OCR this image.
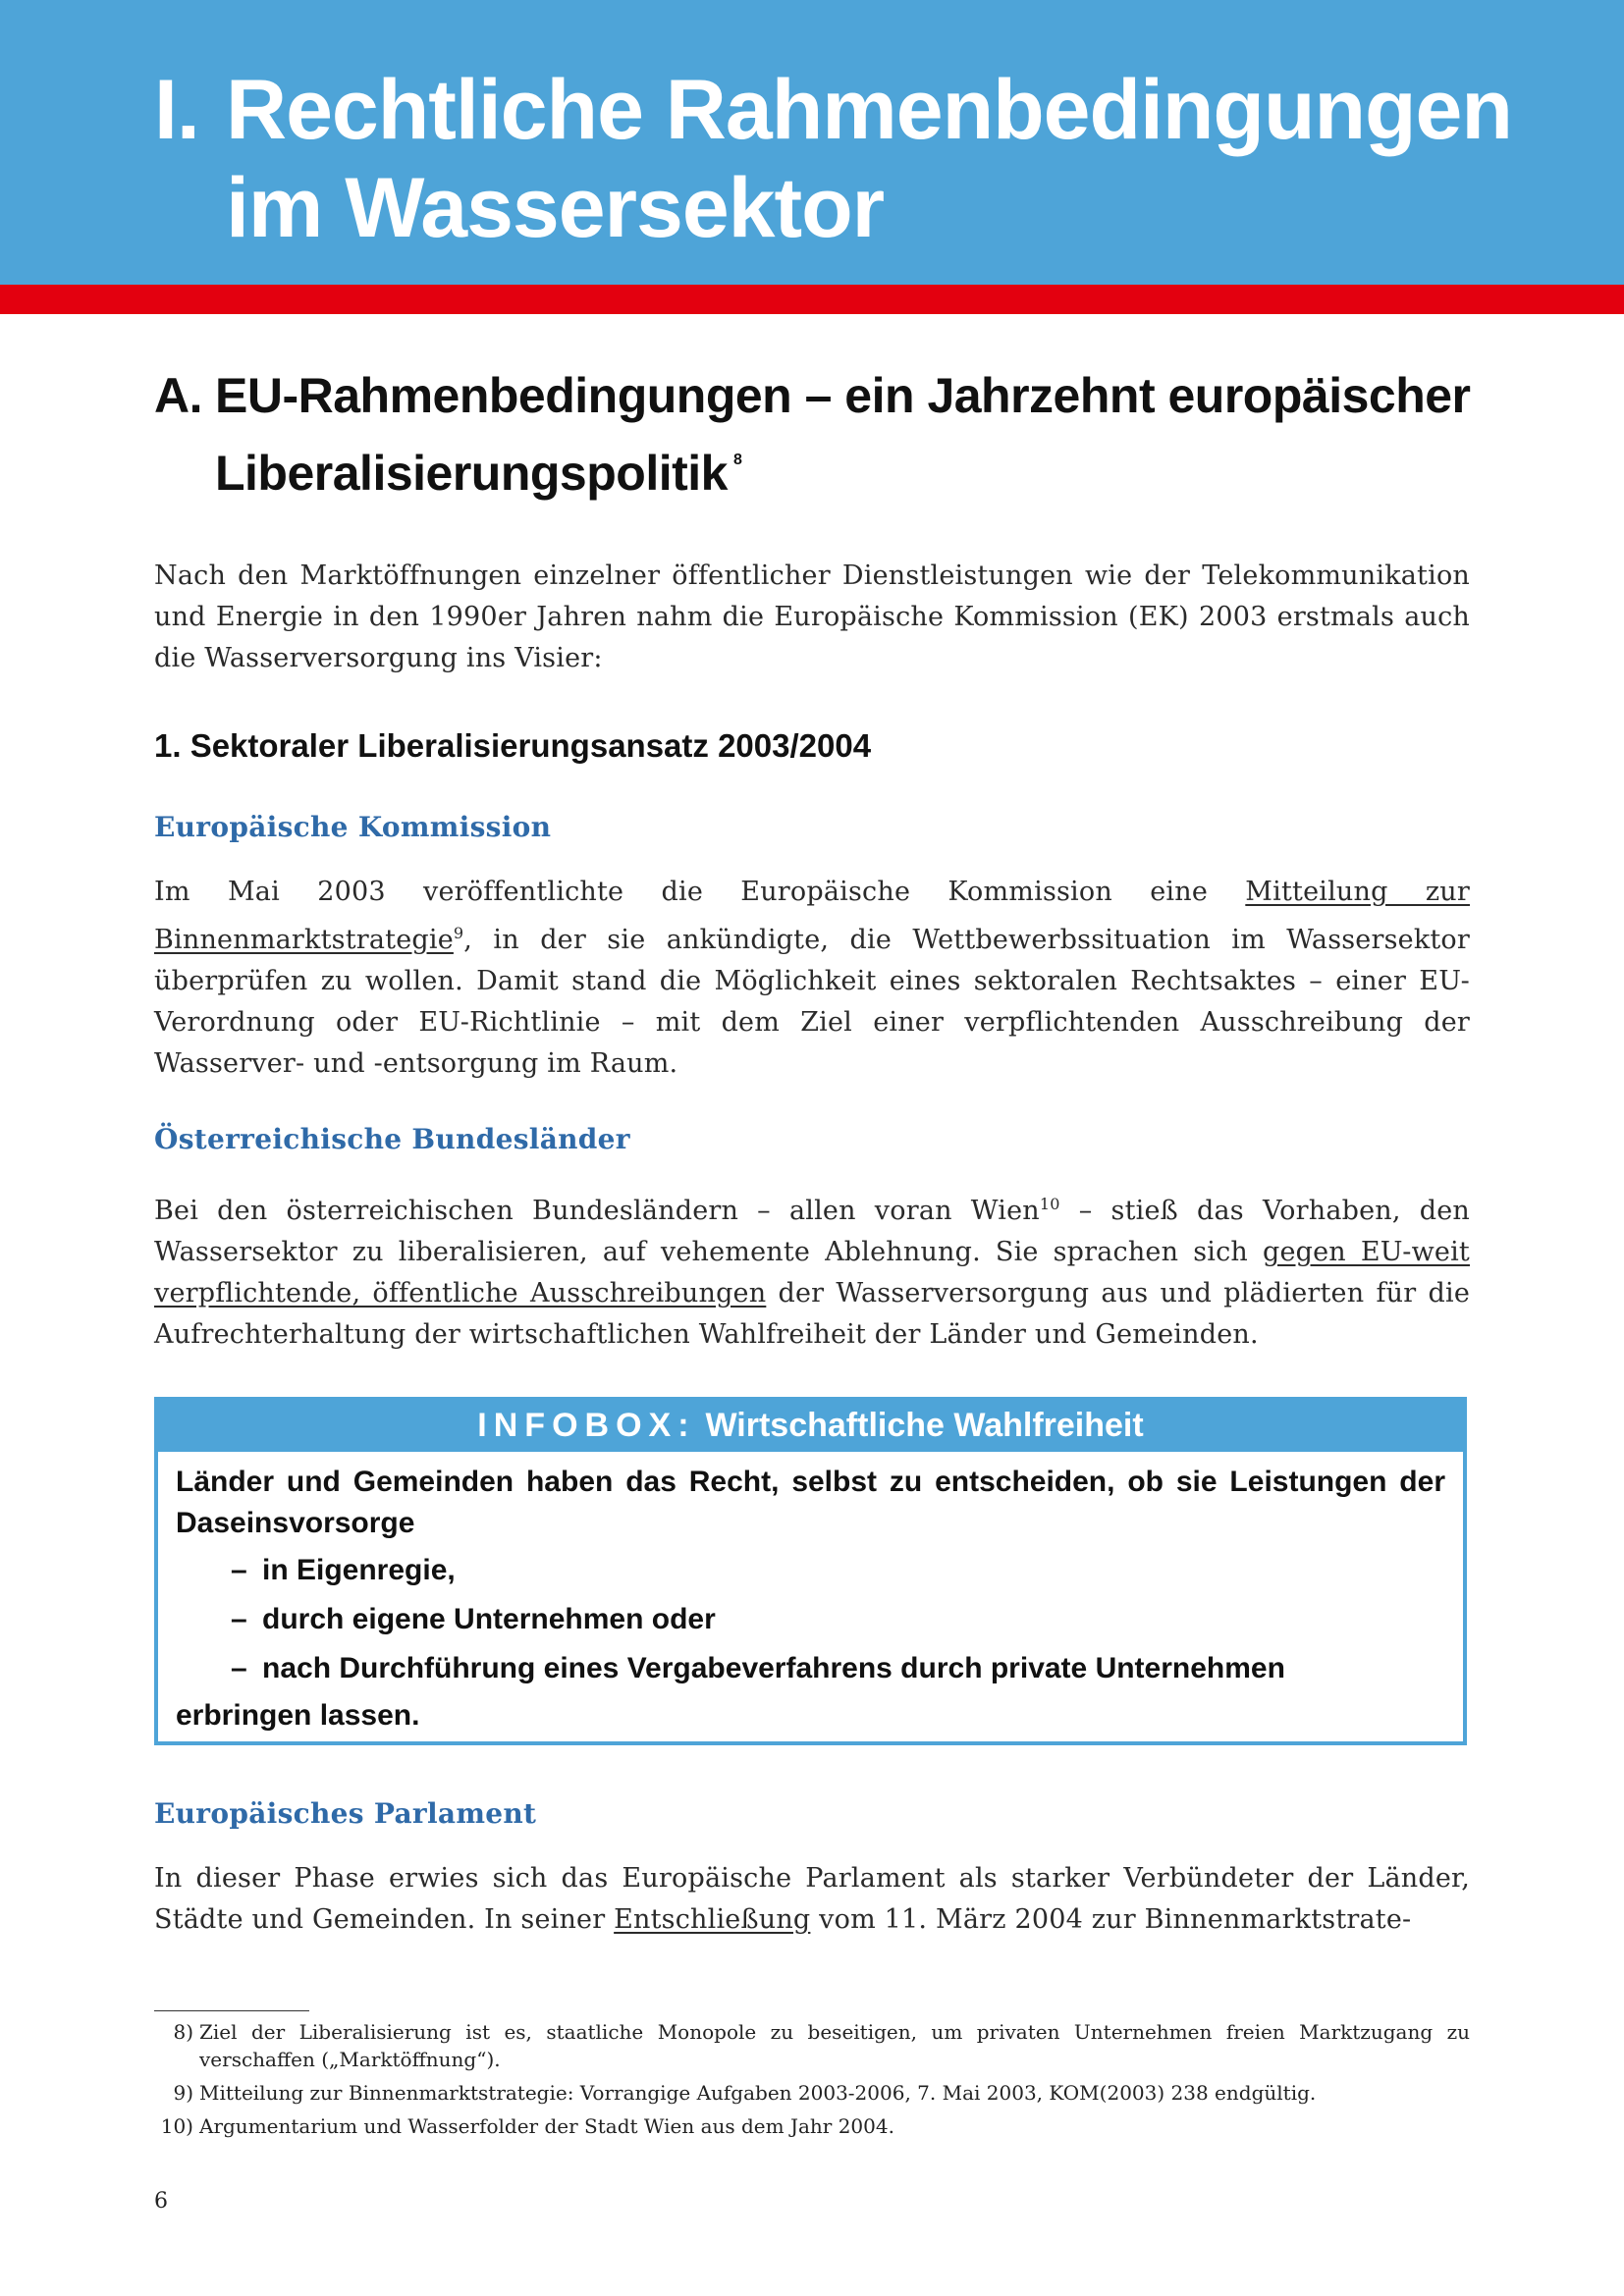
I. Rechtliche Rahmenbedingungen
im Wassersektor
A. EU-Rahmenbedingungen – ein Jahrzehnt europäischer
Liberalisierungspolitik $^8$

Nach den Marktöffnungen einzelner öffentlicher Dienstleistungen wie der Telekommunikation und Energie in den 1990er Jahren nahm die Europäische Kommission (EK) 2003 erstmals auch die Wasserversorgung ins Visier:

1. Sektoraler Liberalisierungsansatz 2003/2004
Europäische Kommission

Im Mai 2003 veröffentlichte die Europäische Kommission eine Mitteilung zur Binnenmarktstrategie$^9$, in der sie ankündigte, die Wettbewerbssituation im Wassersektor überprüfen zu wollen. Damit stand die Möglichkeit eines sektoralen Rechtsaktes – einer EU-Verordnung oder EU-Richtlinie – mit dem Ziel einer verpflichtenden Ausschreibung der Wasserver- und -entsorgung im Raum.

Österreichische Bundesländer

Bei den österreichischen Bundesländern – allen voran Wien$^{10}$ – stieß das Vorhaben, den Wassersektor zu liberalisieren, auf vehemente Ablehnung. Sie sprachen sich gegen EU-weit verpflichtende, öffentliche Ausschreibungen der Wasserversorgung aus und plädierten für die Aufrechterhaltung der wirtschaftlichen Wahlfreiheit der Länder und Gemeinden.

INFOBOX: Wirtschaftliche Wahlfreiheit

Länder und Gemeinden haben das Recht, selbst zu entscheiden, ob sie Leistungen der Daseinsvorsorge

– in Eigenregie,
– durch eigene Unternehmen oder
– nach Durchführung eines Vergabeverfahrens durch private Unternehmen

erbringen lassen.

Europäisches Parlament

In dieser Phase erwies sich das Europäische Parlament als starker Verbündeter der Länder, Städte und Gemeinden. In seiner Entschließung vom 11. März 2004 zur Binnenmarktstrate-

8) Ziel der Liberalisierung ist es, staatliche Monopole zu beseitigen, um privaten Unternehmen freien Marktzugang zu verschaffen („Marktöffnung“).
9) Mitteilung zur Binnenmarktstrategie: Vorrangige Aufgaben 2003-2006, 7. Mai 2003, KOM(2003) 238 endgültig.
10) Argumentarium und Wasserfolder der Stadt Wien aus dem Jahr 2004.
6
